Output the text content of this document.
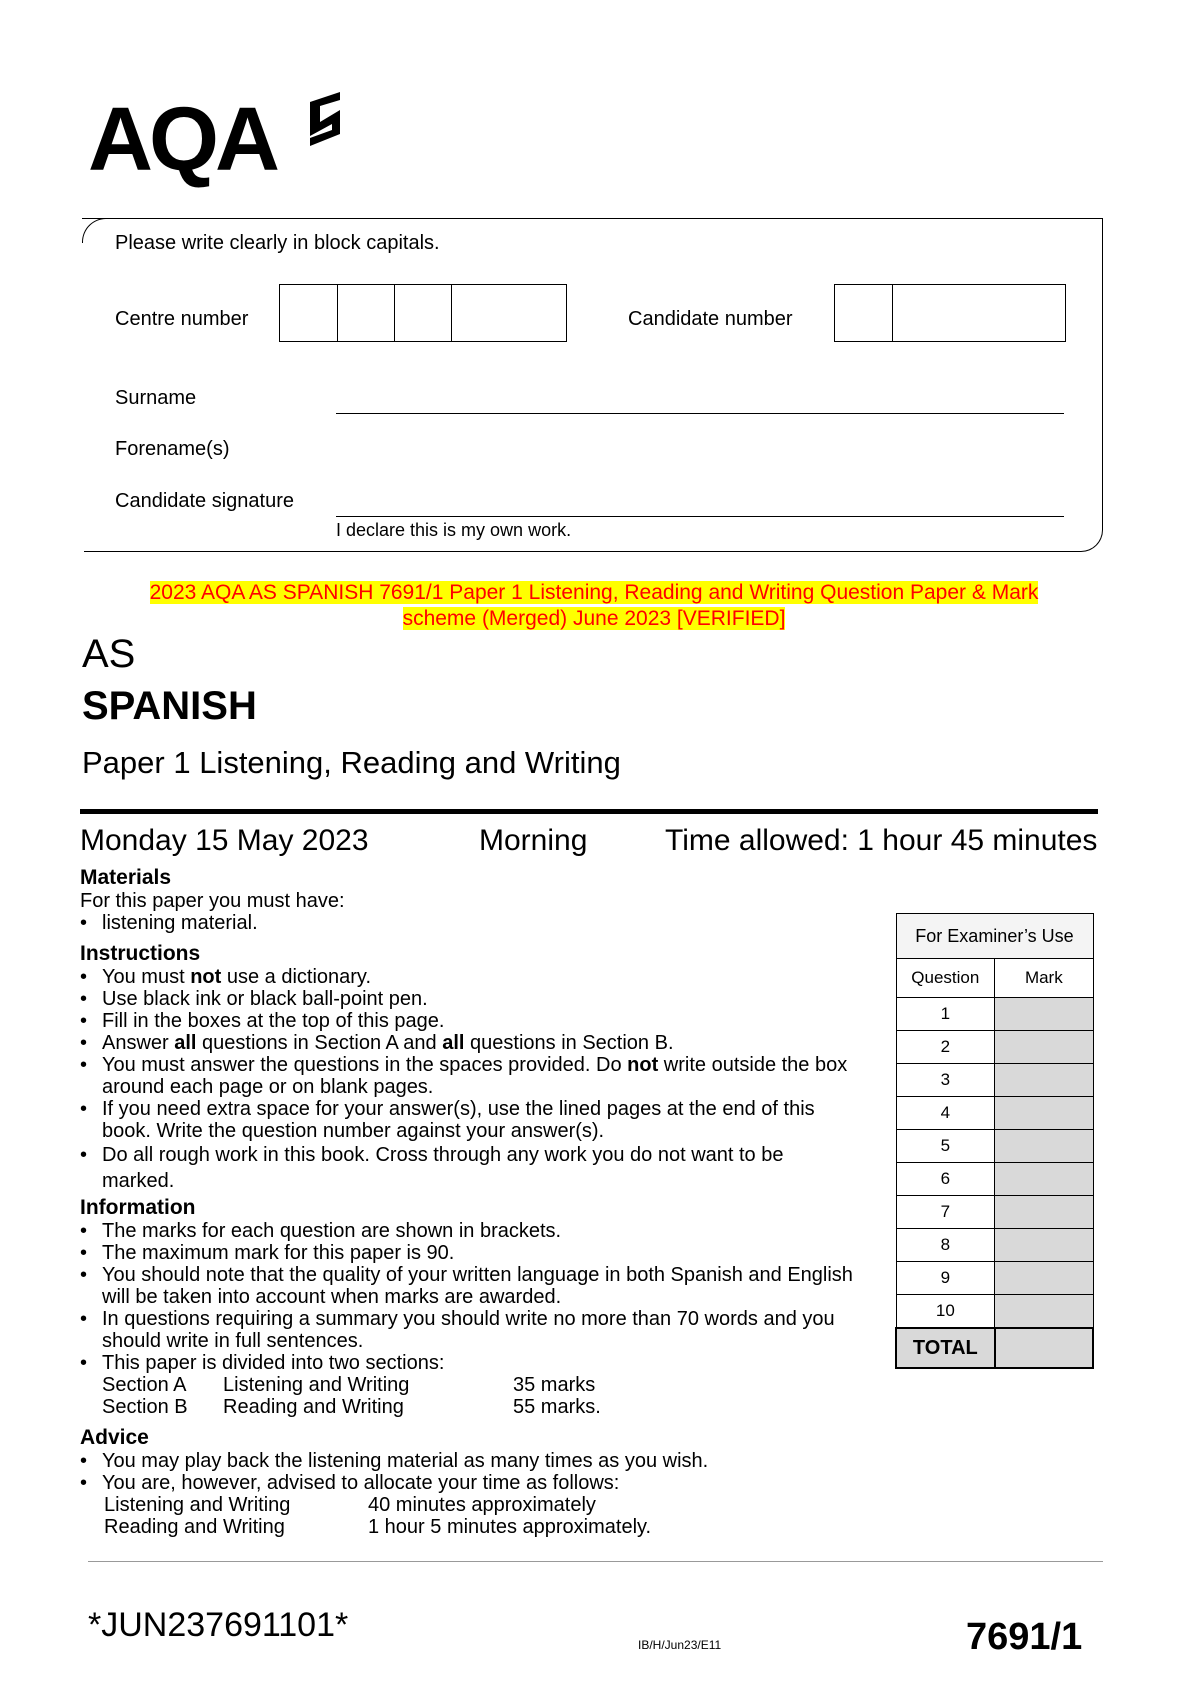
AQA
Please write clearly in block capitals.
Centre number	Candidate number
Surname
Forename(s)
Candidate signature
I declare this is my own work.
2023 AQA AS SPANISH 7691/1 Paper 1 Listening, Reading and Writing Question Paper & Mark
scheme (Merged) June 2023 [VERIFIED]
AS
SPANISH
Paper 1 Listening, Reading and Writing
Monday 15 May 2023	Morning	Time allowed: 1 hour 45 minutes
Materials
For this paper you must have:
• listening material.
Instructions
• You must not use a dictionary.
• Use black ink or black ball-point pen.
• Fill in the boxes at the top of this page.
• Answer all questions in Section A and all questions in Section B.
• You must answer the questions in the spaces provided. Do not write outside the box around each page or on blank pages.
• If you need extra space for your answer(s), use the lined pages at the end of this book. Write the question number against your answer(s).
• Do all rough work in this book. Cross through any work you do not want to be marked.
Information
• The marks for each question are shown in brackets.
• The maximum mark for this paper is 90.
• You should note that the quality of your written language in both Spanish and English will be taken into account when marks are awarded.
• In questions requiring a summary you should write no more than 70 words and you should write in full sentences.
• This paper is divided into two sections:
Section A	Listening and Writing	35 marks
Section B	Reading and Writing	55 marks.
Advice
• You may play back the listening material as many times as you wish.
• You are, however, advised to allocate your time as follows:
Listening and Writing	40 minutes approximately
Reading and Writing	1 hour 5 minutes approximately.
For Examiner’s Use	
Question	Mark
1	
2	
3	
4	
5	
6	
7	
8	
9	
10	
TOTAL	
*JUN237691101*
IB/H/Jun23/E11	7691/1
